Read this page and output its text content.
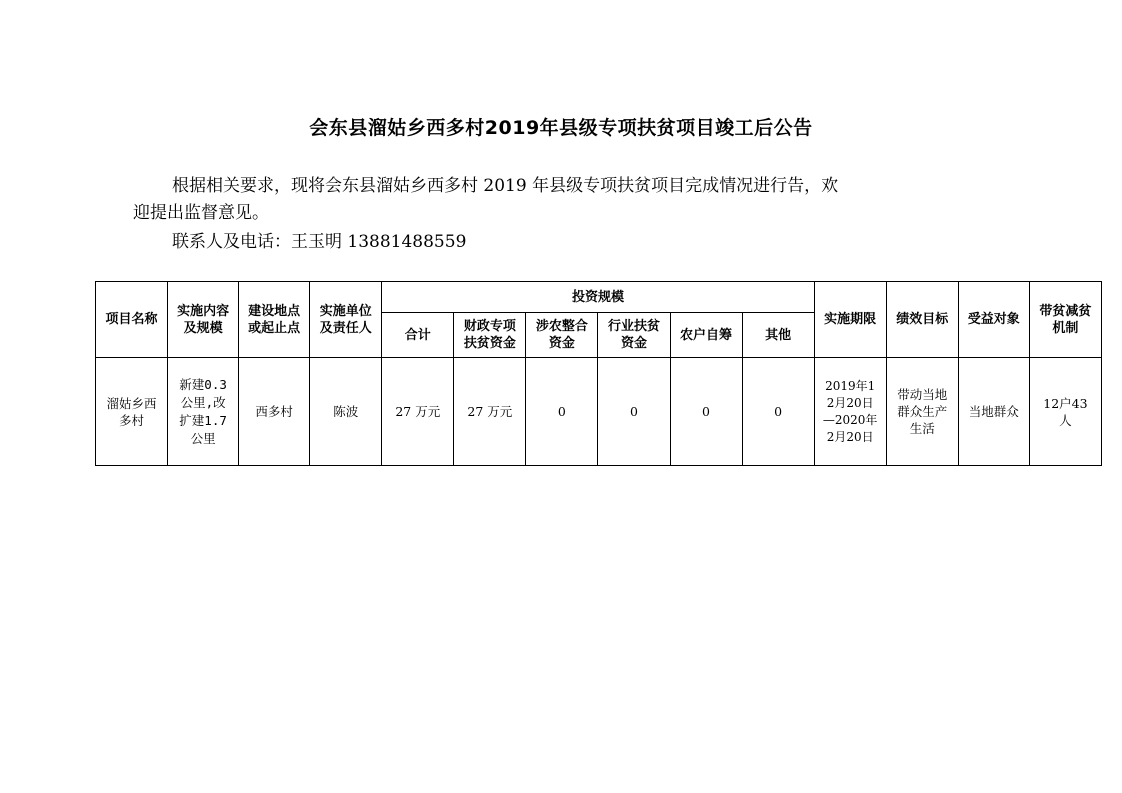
会东县溜姑乡西多村2019年县级专项扶贫项目竣工后公告
根据相关要求，现将会东县溜姑乡西多村 2019 年县级专项扶贫项目完成情况进行告，欢
迎提出监督意见。
联系人及电话：王玉明 13881488559
项目名称	实施内容及规模	建设地点或起止点	实施单位及责任人	投资规模						实施期限	绩效目标	受益对象	带贫减贫机制

				合计	财政专项扶贫资金	涉农整合资金	行业扶贫资金	农户自筹	其他				

溜姑乡西多村	新建0.3公里,改扩建1.7公里	西多村	陈波	27 万元	27 万元	0	0	0	0	2019年12月20日—2020年2月20日	带动当地群众生产生活	当地群众	12户43人
